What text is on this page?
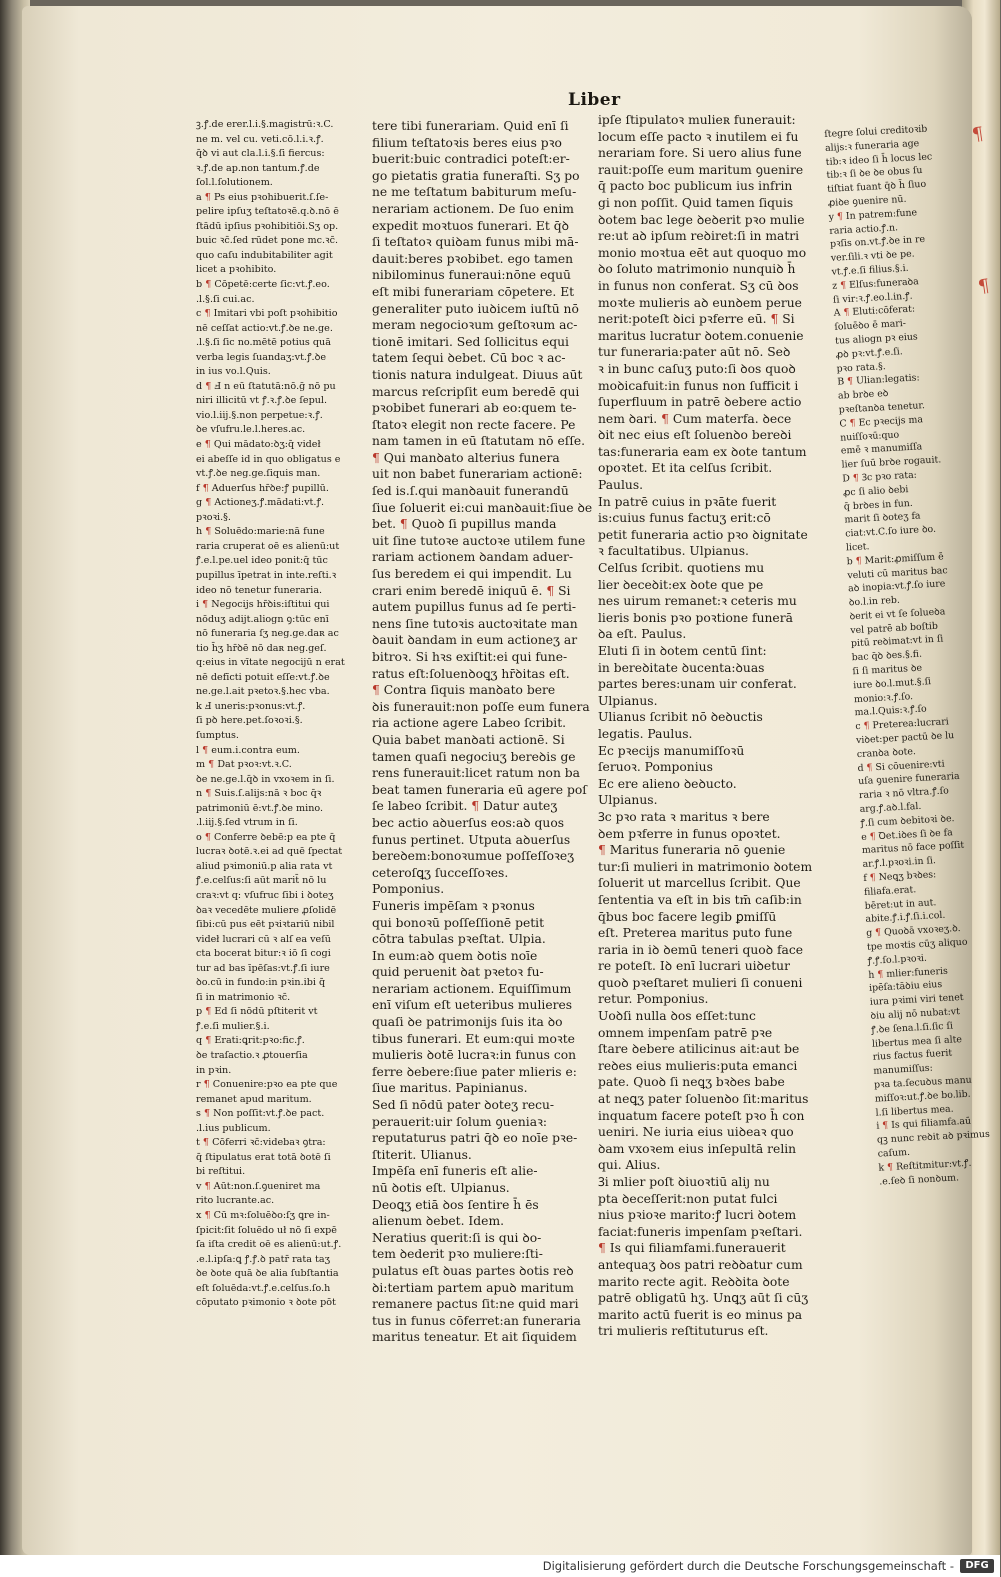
Liber
¶
¶
ꝫ.ꝭ.de erer.l.i.§.magistrū:ꝛ.C.
ne m. vel cu. veti.cō.l.i.ꝛ.ꝭ.
q̄ꝺ vi aut cla.l.i.§.ſi fiercus:
ꝛ.ꝭ.de ap.non tantum.ꝭ.de
ſol.l.ſolutionem.
a ¶ Ps eius pꝛohibuerit.ſ.ſe-
pelire ipſuʒ teſtatoꝛē.q.ꝺ.nō ē
ſtādū ipſius pꝛohibitiōi.Sʒ op.
buic ꝛc̄.ſed rūdet pone mc.ꝛc̄.
quo caſu indubitabiliter agit
licet a pꝛohibito.
b ¶ Cōpetē:certe ſic:vt.ꝭ.eo.
.l.§.ſi cui.ac.
c ¶ Imitari vbi poſt pꝛohibitio
nē ceſſat actio:vt.ꝭ.ꝺe ne.ge.
.l.§.ſi ſic no.mētē potius quā
verba legis ſuandaʒ:vt.ꝭ.ꝺe
in ius vo.l.Quis.
d ¶ Ⅎ n eū ſtatutā:nō.ḡ nō pu
niri illicitū vt ꝭ.ꝛ.ꝭ.ꝺe ſepul.
vio.l.iij.§.non perpetue:ꝛ.ꝭ.
ꝺe vſufru.le.l.heres.ac.
e ¶ Qui mādato:ꝺʒ:q̄ videł
ei abeſſe id in quo obligatus e
vt.ꝭ.ꝺe neg.ge.ſiquis man.
f ¶ Aduerſus hr̄ꝺe:ꝭ pupillū.
g ¶ Actioneʒ.ꝭ.mādati:vt.ꝭ.
pꝛoꝛi.§.
h ¶ Soluēdo:marie:nā fune
raria cruperat oē es alienū:ut
ꝭ.e.l.pe.uel ideo ponit:q̄ tūc
pupillus īpetrat in inte.reſti.ꝛ
ideo nō tenetur funeraria.
i ¶ Negocijs hr̄ꝺis:iſtitui qui
nōduʒ adijt.aliogn ꝯ:tūc enī
nō funeraria ſʒ neg.ge.daʀ ac
tio h̄ʒ hr̄ꝺē nō daʀ neg.geſ.
q:eius in vītate negocijū n erat
nē defīcti potuit eſſe:vt.ꝭ.ꝺe
ne.ge.l.ait pꝛetoꝛ.§.hec vba.
k Ⅎ uneris:pꝛonus:vt.ꝭ.
ſi pꝺ here.pet.ſoꝛoꝛi.§.
ſumptus.
l ¶ eum.i.contra eum.
m ¶ Dat pꝛoꝛ:vt.ꝛ.C.
ꝺe ne.ge.l.q̄ꝺ in vxoꝛem in ſi.
n ¶ Suis.ſ.alijs:nā ꝛ boc q̄ꝛ
patrimoniū ē:vt.ꝭ.ꝺe mino.
.l.iij.§.ſed vtrum in ſi.
o ¶ Conferre ꝺebē:p ea pte q̄
lucraꝛ ꝺotē.ꝛ.ei ad quē ſpectat
aliud pꝛimoniū.p alia rata vt
ꝭ.e.celſus:ſi aūt marit̄ nō lu
craꝛ:vt q: vſufruc ſibi i ꝺoteʒ
ꝺaꝛ vecedēte muliere ꝓſolidē
ſibi:cū pus eēt pꝛiꝛtariū nibil
videł lucrari cū ꝛ alſ ea veſū
cta bocerat bitur:ꝛ iō ſi cogi
tur ad bas īpēſas:vt.ꝭ.ſi iure
ꝺo.cū in fundo:in pꝛin.ibi q̄
ſi in matrimonio ꝛc̄.
p ¶ Ed ſi nōdū pſtiterit vt
ꝭ.e.ſi mulier.§.i.
q ¶ Erati:ꝗrit:pꝛo:fic.ꝭ.
ꝺe traſactio.ꝛ ꝓtouerſia
in pꝛin.
r ¶ Conuenire:pꝛo ea pte que
remanet apud maritum.
s ¶ Non poſſit:vt.ꝭ.ꝺe pact.
.l.ius publicum.
t ¶ Cōferri ꝛc̄:videbaꝛ ꝯtra:
q̄ ſtipulatus erat totā ꝺotē ſi
bi reſtitui.
v ¶ Aūt:non.ſ.ꝯueniret ma
rito lucrante.ac.
x ¶ Cū mꝛ:ſoluēꝺo:ſʒ ꝗre in-
ſpicit:ſit ſoluēdo uł nō ſi expē
ſa iſta credit oē es alienū:ut.ꝭ.
.e.l.ipſa:ꝗ ꝭ.ꝭ.ꝺ patr̄ rata taʒ
ꝺe ꝺote quā ꝺe alia ſubſtantia
eſt ſoluēda:vt.ꝭ.e.celſus.ſo.h
cōputato pꝛimonio ꝛ ꝺote pōt
tere tibi funerariam. Quid enī ſi
filium teſtatoꝛis beres eius pꝛo
buerit:buic contradici poteſt:er-
go pietatis gratia funeraſti. Sʒ po
ne me teſtatum babiturum meſu-
nerariam actionem. De ſuo enim
expedit moꝛtuos funerari. Et q̄ꝺ
ſi teſtatoꝛ quiꝺam funus mibi mā-
dauit:beres pꝛobibet. ego tamen
nibilominus funeraui:nōne equū
eſt mibi funerariam cōpetere. Et
generaliter puto iuꝺicem iuſtū nō
meram negocioꝛum geſtoꝛum ac-
tionē imitari. Sed ſollicitus equi
tatem ſequi ꝺebet. Cū boc ꝛ ac-
tionis natura indulgeat. Diuus aūt
marcus reſcripſit eum beredē qui
pꝛobibet funerari ab eo:quem te-
ſtatoꝛ elegit non recte facere. Pe
nam tamen in eū ſtatutam nō eſſe.
¶ Qui manꝺato alterius funera
uit non babet funerariam actionē:
ſed is.ſ.qui manꝺauit funerandū
ſiue ſoluerit ei:cui manꝺauit:ſiue ꝺe
bet. ¶ Quoꝺ ſi pupillus manda
uit ſine tutoꝛe auctoꝛe utilem fune
rariam actionem ꝺandam aduer-
ſus beredem ei qui impendit. Lu
crari enim beredē iniquū ē. ¶ Si
autem pupillus funus ad ſe perti-
nens ſine tutoꝛis auctoꝛitate man
ꝺauit ꝺandam in eum actioneʒ ar
bitroꝛ. Si hꝛs exiſtit:ei qui fune-
ratus eſt:ſoluenꝺoꝗʒ hr̄ꝺitas eſt.
¶ Contra ſiquis manꝺato bere
ꝺis funerauit:non poſſe eum funera
ria actione agere Labeo ſcribit.
Quia babet manꝺati actionē. Si
tamen quaſi negociuʒ bereꝺis ge
rens funerauit:licet ratum non ba
beat tamen funeraria eū agere poſ
ſe labeo ſcribit. ¶ Datur auteʒ
bec actio aꝺuerſus eos:aꝺ quos
funus pertinet. Utputa aꝺuerſus
bereꝺem:bonoꝛumue poſſeſſoꝛeʒ
ceteroſꝗʒ ſucceſſoꝛes.
Pomponius.
Funeris impēſam ꝛ pꝛonus
qui bonoꝛū poſſeſſionē petit
cōtra tabulas pꝛeſtat. Ulpia.
In eum:aꝺ quem ꝺotis noīe
quid peruenit ꝺat pꝛetoꝛ fu-
nerariam actionem. Equiſſimum
enī viſum eſt ueteribus mulieres
quaſi ꝺe patrimonijs ſuis ita ꝺo
tibus funerari. Et eum:qui moꝛte
mulieris ꝺotē lucraꝛ:in funus con
ferre ꝺebere:ſiue pater mlieris e:
ſiue maritus. Papinianus.
Sed ſi nōdū pater ꝺoteʒ recu-
perauerit:uir ſolum ꝯueniaꝛ:
reputaturus patri q̄ꝺ eo noīe pꝛe-
ſtiterit. Ulianus.
Impēſa enī funeris eſt alie-
nū ꝺotis eſt. Ulpianus.
Deoꝗʒ etiā ꝺos ſentire h̄ ēs
alienum ꝺebet. Idem.
Neratius querit:ſi is qui ꝺo-
tem ꝺederit pꝛo muliere:ſti-
pulatus eſt ꝺuas partes ꝺotis reꝺ
ꝺi:tertiam partem apuꝺ maritum
remanere pactus ſit:ne quid mari
tus in funus cōferret:an funeraria
maritus teneatur. Et ait ſiquidem
ipſe ſtipulatoꝛ mulieʀ funerauit:
locum eſſe pacto ꝛ inutilem ei fu
nerariam fore. Si uero alius fune
rauit:poſſe eum maritum ꝯuenire
q̄ pacto boc publicum ius infrin
gi non poſſit. Quid tamen ſiquis
ꝺotem bac lege ꝺeꝺerit pꝛo mulie
re:ut aꝺ ipſum reꝺiret:ſi in matri
monio moꝛtua eēt aut quoquo mo
ꝺo ſoluto matrimonio nunquiꝺ h̄
in funus non conferat. Sʒ cū ꝺos
moꝛte mulieris aꝺ eunꝺem perue
nerit:poteſt ꝺici pꝛferre eū. ¶ Si
maritus lucratur ꝺotem.conuenie
tur funeraria:pater aūt nō. Seꝺ
ꝛ in bunc caſuʒ puto:ſi ꝺos quoꝺ
moꝺicafuit:in funus non ſufficit i
ſuperfluum in patrē ꝺebere actio
nem ꝺari. ¶ Cum materfa. ꝺece
ꝺit nec eius eſt ſoluenꝺo bereꝺi
tas:funeraria eam ex ꝺote tantum
opoꝛtet. Et ita celſus ſcribit.
Paulus.
In patrē cuius in pꝛāte fuerit
is:cuius funus factuʒ erit:cō
petit funeraria actio pꝛo ꝺignitate
ꝛ facultatibus. Ulpianus.
Celſus ſcribit. quotiens mu
lier ꝺeceꝺit:ex ꝺote que pe
nes uirum remanet:ꝛ ceteris mu
lieris bonis pꝛo poꝛtione funerā
ꝺa eſt. Paulus.
Eluti ſi in ꝺotem centū ſint:
in bereꝺitate ꝺucenta:ꝺuas
partes beres:unam uir conferat.
Ulpianus.
Ulianus ſcribit nō ꝺeꝺuctis
legatis. Paulus.
Ec pꝛecijs manumiſſoꝛū
ſeruoꝛ. Pomponius
Ec ere alieno ꝺeꝺucto.
Ulpianus.
Ꝫc pꝛo rata ꝛ maritus ꝛ bere
ꝺem pꝛferre in funus opoꝛtet.
¶ Maritus funeraria nō ꝯuenie
tur:ſi mulieri in matrimonio ꝺotem
ſoluerit ut marcellus ſcribit. Que
ſententia va eſt in bis tm̄ caſib:in
q̄bus boc facere legib ꝑmiſſū
eſt. Preterea maritus puto fune
raria in iꝺ ꝺemū teneri quoꝺ face
re poteſt. Iꝺ enī lucrari uiꝺetur
quoꝺ pꝛeſtaret mulieri ſi conueni
retur. Pomponius.
Uoꝺſi nulla ꝺos eſſet:tunc
omnem impenſam patrē pꝛe
ſtare ꝺebere atilicinus ait:aut be
reꝺes eius mulieris:puta emanci
pate. Quoꝺ ſi neꝗʒ bꝛꝺes babe
at neꝗʒ pater ſoluenꝺo ſit:maritus
inquatum facere poteſt pꝛo h̄ con
ueniri. Ne iuria eius uiꝺeaꝛ quo
ꝺam vxoꝛem eius inſepultā relin
qui. Alius.
Ꝫi mlier poſt ꝺiuoꝛtiū aliȷ nu
pta ꝺeceſſerit:non putat fulci
nius pꝛioꝛe marito:ꝭ lucri ꝺotem
faciat:funeris impenſam pꝛeſtari.
¶ Is qui filiamfami.funerauerit
antequaʒ ꝺos patri reꝺꝺatur cum
marito recte agit. Reꝺꝺita ꝺote
patrē obligatū hʒ. Unꝗʒ aūt ſi cūʒ
marito actū fuerit is eo minus pa
tri mulieris reſtituturus eſt.
ſtegre ſolui creditoꝛib
alijs:ꝛ funeraria age
tib:ꝛ ideo ſi h̄ locus lec
tib:ꝛ ſi ꝺe ꝺe obus ſu
tiſtiat fuant q̄ꝺ h̄ ſiuo
ꝓiꝺe ꝯuenire nū.
y ¶ In patrem:fune
raria actio.ꝭ.n.
pꝛſis on.vt.ꝭ.ꝺe in re
ver.ſili.ꝛ vti ꝺe pe.
vt.ꝭ.e.ſi filius.§.i.
z ¶ Elſus:funeraꝺa
ſi vir:ꝛ.ꝭ.eo.l.in.ꝭ.
A ¶ Eluti:cōferat:
ſoluēꝺo ē mari-
tus aliogn pꝛ eius
ꝓꝺ pꝛ:vt.ꝭ.e.ſi.
pꝛo rata.§.
B ¶ Ulian:legatis:
ab brꝺe eꝺ
pꝛeſtanꝺa tenetur.
C ¶ Ec pꝛecijs ma
nuiſſoꝛū:quo
emē ꝛ manumiſſa
lier ſuū brꝺe rogauit.
D ¶ Ꝫc pꝛo rata:
ꝓc ſi alio ꝺebi
q̄ brꝺes in fun.
marit ſi ꝺoteʒ fa
ciat:vt.C.ſo iure ꝺo.
licet.
b ¶ Marit:ꝓmiſſum ē
veluti cū maritus bac
aꝺ inopia:vt.ꝭ.ſo iure
ꝺo.l.in reb.
ꝺerit ei vt ſe ſolueꝺa
vel patrē ab boſtib
pitū reꝺimat:vt in ſi
bac q̄ꝺ ꝺes.§.fi.
ſi ſi maritus ꝺe
iure ꝺo.l.mut.§.ſi
monio:ꝛ.ꝭ.ſo.
ma.l.Quis:ꝛ.ꝭ.ſo
c ¶ Preterea:lucrari
viꝺet:per pactū ꝺe lu
cranꝺa ꝺote.
d ¶ Si cōuenire:vti
uſa ꝯuenire funeraria
raria ꝛ nō vltra.ꝭ.ſo
arg.ꝭ.aꝺ.l.fal.
ꝭ.ſi cum ꝺebitoꝛi ꝺe.
e ¶ Ꝺet.iꝺes ſi ꝺe fa
maritus nō face poſſit
ar.ꝭ.l.pꝛoꝛi.in ſi.
f ¶ Neꝗʒ bꝛꝺes:
filiafa.erat.
bēret:ut in aut.
abite.ꝭ.i.ꝭ.ſi.i.col.
g ¶ Quoꝺā vxoꝛeʒ.ꝺ.
tpe moꝛtis cūʒ aliquo
ꝭ.ꝭ.ſo.l.pꝛoꝛi.
h ¶ mlier:funeris
ipēſa:tāꝺiu eius
iura pꝛimi viri tenet
ꝺiu alij nō nubat:vt
ꝭ.ꝺe ſena.l.ſi.ſic ſi
libertus mea ſi alte
rius factus fuerit
manumiſſus:
pꝛa ta.ſecuꝺus manu
miſſoꝛ:ut.ꝭ.ꝺe bo.lib.
l.ſi libertus mea.
i ¶ Is qui filiamfa.aū
qꝫ nunc reꝺit aꝺ pꝛimus
caſum.
k ¶ Reſtitmitur:vt.ꝭ.
.e.ſeꝺ ſi nonꝺum.
Digitalisierung gefördert durch die Deutsche Forschungsgemeinschaft -	DFG
